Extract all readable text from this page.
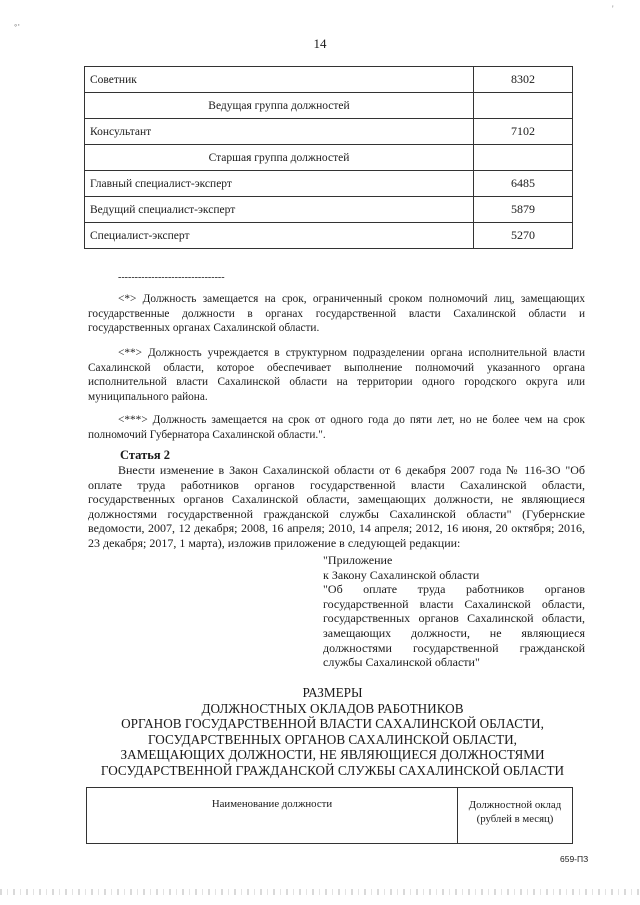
◦·
'
14
Советник	8302
Ведущая группа должностей	
Консультант	7102
Старшая группа должностей	
Главный специалист-эксперт	6485
Ведущий специалист-эксперт	5879
Специалист-эксперт	5270
--------------------------------
<*> Должность замещается на срок, ограниченный сроком полномочий лиц, замещающих государственные должности в органах государственной власти Сахалинской области и государственных органах Сахалинской области.
<**> Должность учреждается в структурном подразделении органа исполнительной власти Сахалинской области, которое обеспечивает выполнение полномочий указанного органа исполнительной власти Сахалинской области на территории одного городского округа или муниципального района.
<***> Должность замещается на срок от одного года до пяти лет, но не более чем на срок полномочий Губернатора Сахалинской области.".
Статья 2
Внести изменение в Закон Сахалинской области от 6 декабря 2007 года № 116-ЗО "Об оплате труда работников органов государственной власти Сахалинской области, государственных органов Сахалинской области, замещающих должности, не являющиеся должностями государственной гражданской службы Сахалинской области" (Губернские ведомости, 2007, 12 декабря; 2008, 16 апреля; 2010, 14 апреля; 2012, 16 июня, 20 октября; 2016, 23 декабря; 2017, 1 марта), изложив приложение в следующей редакции:
"Приложение
к Закону Сахалинской области
"Об оплате труда работников органов государственной власти Сахалинской области, государственных органов Сахалинской области, замещающих должности, не являющиеся должностями государственной гражданской службы Сахалинской области"
РАЗМЕРЫ
ДОЛЖНОСТНЫХ ОКЛАДОВ РАБОТНИКОВ
ОРГАНОВ ГОСУДАРСТВЕННОЙ ВЛАСТИ САХАЛИНСКОЙ ОБЛАСТИ,
ГОСУДАРСТВЕННЫХ ОРГАНОВ САХАЛИНСКОЙ ОБЛАСТИ,
ЗАМЕЩАЮЩИХ ДОЛЖНОСТИ, НЕ ЯВЛЯЮЩИЕСЯ ДОЛЖНОСТЯМИ
ГОСУДАРСТВЕННОЙ ГРАЖДАНСКОЙ СЛУЖБЫ САХАЛИНСКОЙ ОБЛАСТИ
Наименование должности	Должностной оклад
(рублей в месяц)
659-ПЗ
